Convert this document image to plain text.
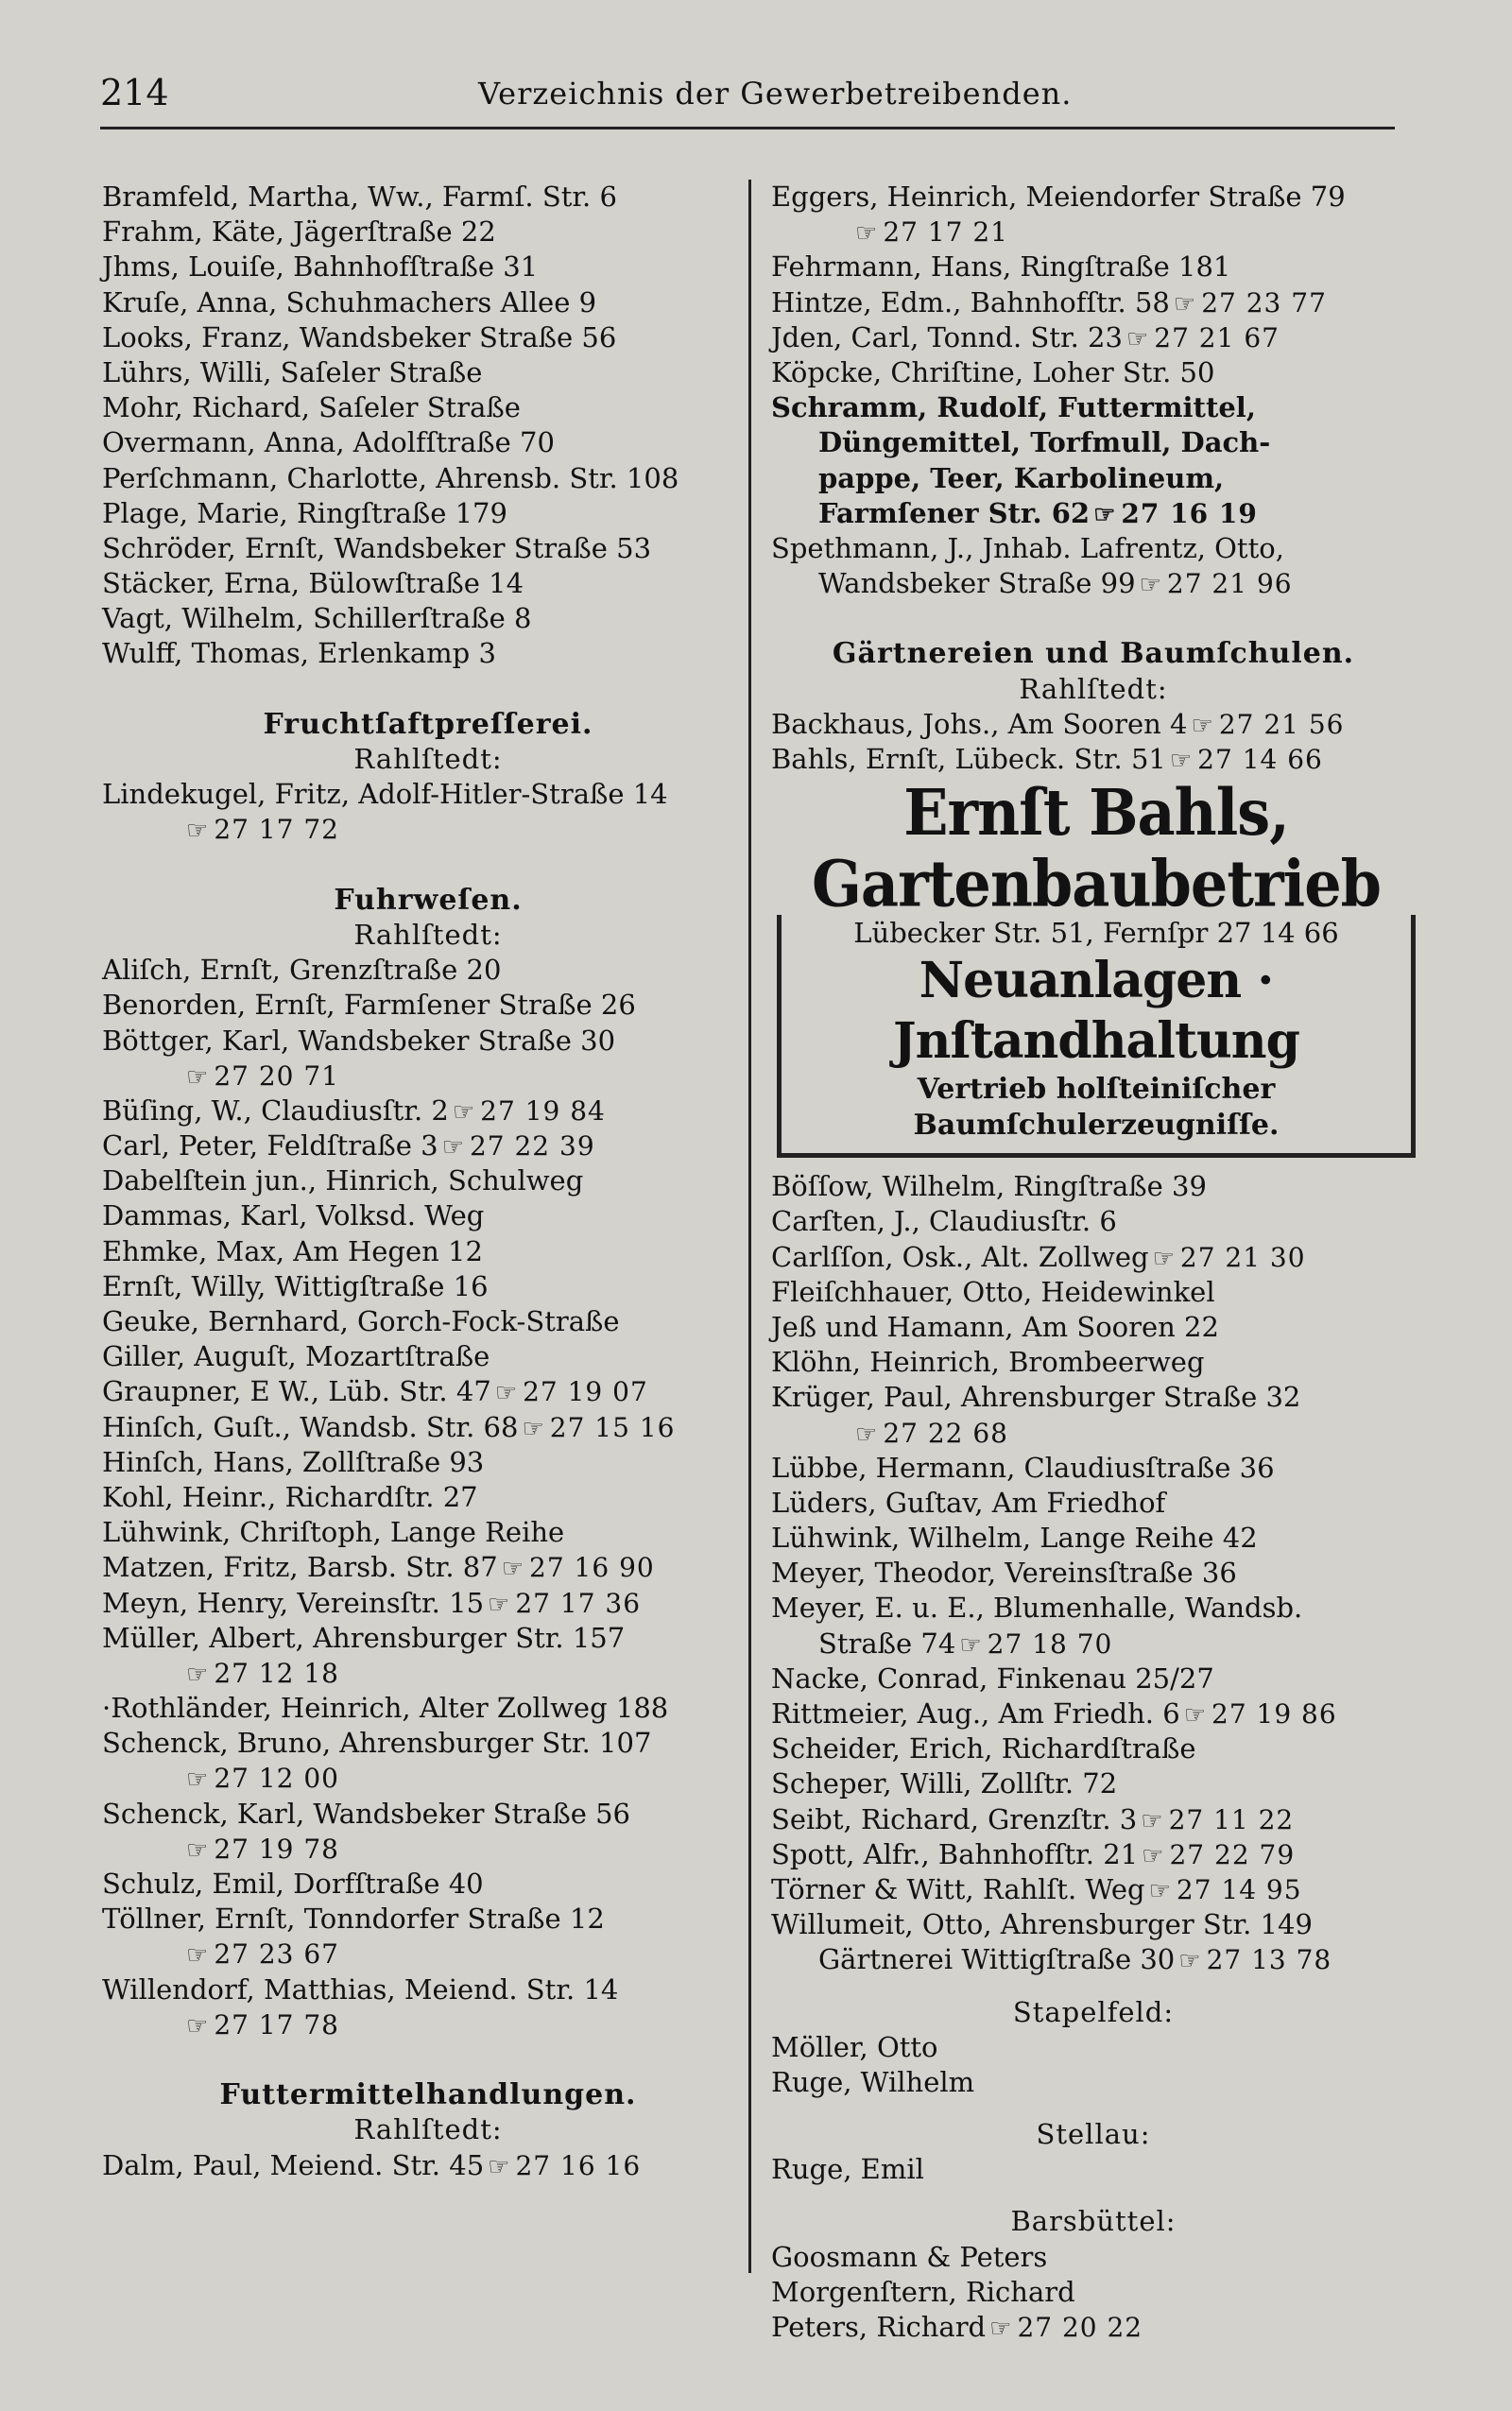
214	Verzeichnis der Gewerbetreibenden.
Bramfeld, Martha, Ww., Farmſ. Str. 6
Frahm, Käte, Jägerſtraße 22
Jhms, Louiſe, Bahnhofſtraße 31
Kruſe, Anna, Schuhmachers Allee 9
Looks, Franz, Wandsbeker Straße 56
Lührs, Willi, Saſeler Straße
Mohr, Richard, Saſeler Straße
Overmann, Anna, Adolfſtraße 70
Perſchmann, Charlotte, Ahrensb. Str. 108
Plage, Marie, Ringſtraße 179
Schröder, Ernſt, Wandsbeker Straße 53
Stäcker, Erna, Bülowſtraße 14
Vagt, Wilhelm, Schillerſtraße 8
Wulff, Thomas, Erlenkamp 3
Fruchtſaftpreſſerei.
Rahlſtedt:
Lindekugel, Fritz, Adolf-Hitler-Straße 14
☞ 27 17 72
Fuhrweſen.
Rahlſtedt:
Aliſch, Ernſt, Grenzſtraße 20
Benorden, Ernſt, Farmſener Straße 26
Böttger, Karl, Wandsbeker Straße 30
☞ 27 20 71
Büſing, W., Claudiusſtr. 2 ☞ 27 19 84
Carl, Peter, Feldſtraße 3 ☞ 27 22 39
Dabelſtein jun., Hinrich, Schulweg
Dammas, Karl, Volksd. Weg
Ehmke, Max, Am Hegen 12
Ernſt, Willy, Wittigſtraße 16
Geuke, Bernhard, Gorch-Fock-Straße
Giller, Auguſt, Mozartſtraße
Graupner, E W., Lüb. Str. 47 ☞ 27 19 07
Hinſch, Guſt., Wandsb. Str. 68 ☞ 27 15 16
Hinſch, Hans, Zollſtraße 93
Kohl, Heinr., Richardſtr. 27
Lühwink, Chriſtoph, Lange Reihe
Matzen, Fritz, Barsb. Str. 87 ☞ 27 16 90
Meyn, Henry, Vereinsſtr. 15 ☞ 27 17 36
Müller, Albert, Ahrensburger Str. 157
☞ 27 12 18
·Rothländer, Heinrich, Alter Zollweg 188
Schenck, Bruno, Ahrensburger Str. 107
☞ 27 12 00
Schenck, Karl, Wandsbeker Straße 56
☞ 27 19 78
Schulz, Emil, Dorfſtraße 40
Töllner, Ernſt, Tonndorfer Straße 12
☞ 27 23 67
Willendorf, Matthias, Meiend. Str. 14
☞ 27 17 78
Futtermittelhandlungen.
Rahlſtedt:
Dalm, Paul, Meiend. Str. 45 ☞ 27 16 16
Eggers, Heinrich, Meiendorfer Straße 79
☞ 27 17 21
Fehrmann, Hans, Ringſtraße 181
Hintze, Edm., Bahnhofſtr. 58 ☞ 27 23 77
Jden, Carl, Tonnd. Str. 23 ☞ 27 21 67
Köpcke, Chriſtine, Loher Str. 50
Schramm, Rudolf, Futtermittel,
Düngemittel, Torfmull, Dach-
pappe, Teer, Karbolineum,
Farmſener Str. 62 ☞ 27 16 19
Spethmann, J., Jnhab. Lafrentz, Otto,
Wandsbeker Straße 99 ☞ 27 21 96
Gärtnereien und Baumſchulen.
Rahlſtedt:
Backhaus, Johs., Am Sooren 4 ☞ 27 21 56
Bahls, Ernſt, Lübeck. Str. 51 ☞ 27 14 66
Ernſt Bahls, Gartenbaubetrieb
Lübecker Str. 51, Fernſpr 27 14 66
Neuanlagen · Jnſtandhaltung
Vertrieb holſteiniſcher
Baumſchulerzeugniſſe.
Böſſow, Wilhelm, Ringſtraße 39
Carſten, J., Claudiusſtr. 6
Carlſſon, Osk., Alt. Zollweg ☞ 27 21 30
Fleiſchhauer, Otto, Heidewinkel
Jeß und Hamann, Am Sooren 22
Klöhn, Heinrich, Brombeerweg
Krüger, Paul, Ahrensburger Straße 32
☞ 27 22 68
Lübbe, Hermann, Claudiusſtraße 36
Lüders, Guſtav, Am Friedhof
Lühwink, Wilhelm, Lange Reihe 42
Meyer, Theodor, Vereinsſtraße 36
Meyer, E. u. E., Blumenhalle, Wandsb.
Straße 74 ☞ 27 18 70
Nacke, Conrad, Finkenau 25/27
Rittmeier, Aug., Am Friedh. 6 ☞ 27 19 86
Scheider, Erich, Richardſtraße
Scheper, Willi, Zollſtr. 72
Seibt, Richard, Grenzſtr. 3 ☞ 27 11 22
Spott, Alfr., Bahnhofſtr. 21 ☞ 27 22 79
Törner & Witt, Rahlſt. Weg ☞ 27 14 95
Willumeit, Otto, Ahrensburger Str. 149
Gärtnerei Wittigſtraße 30 ☞ 27 13 78
Stapelfeld:
Möller, Otto
Ruge, Wilhelm
Stellau:
Ruge, Emil
Barsbüttel:
Goosmann & Peters
Morgenſtern, Richard
Peters, Richard ☞ 27 20 22
